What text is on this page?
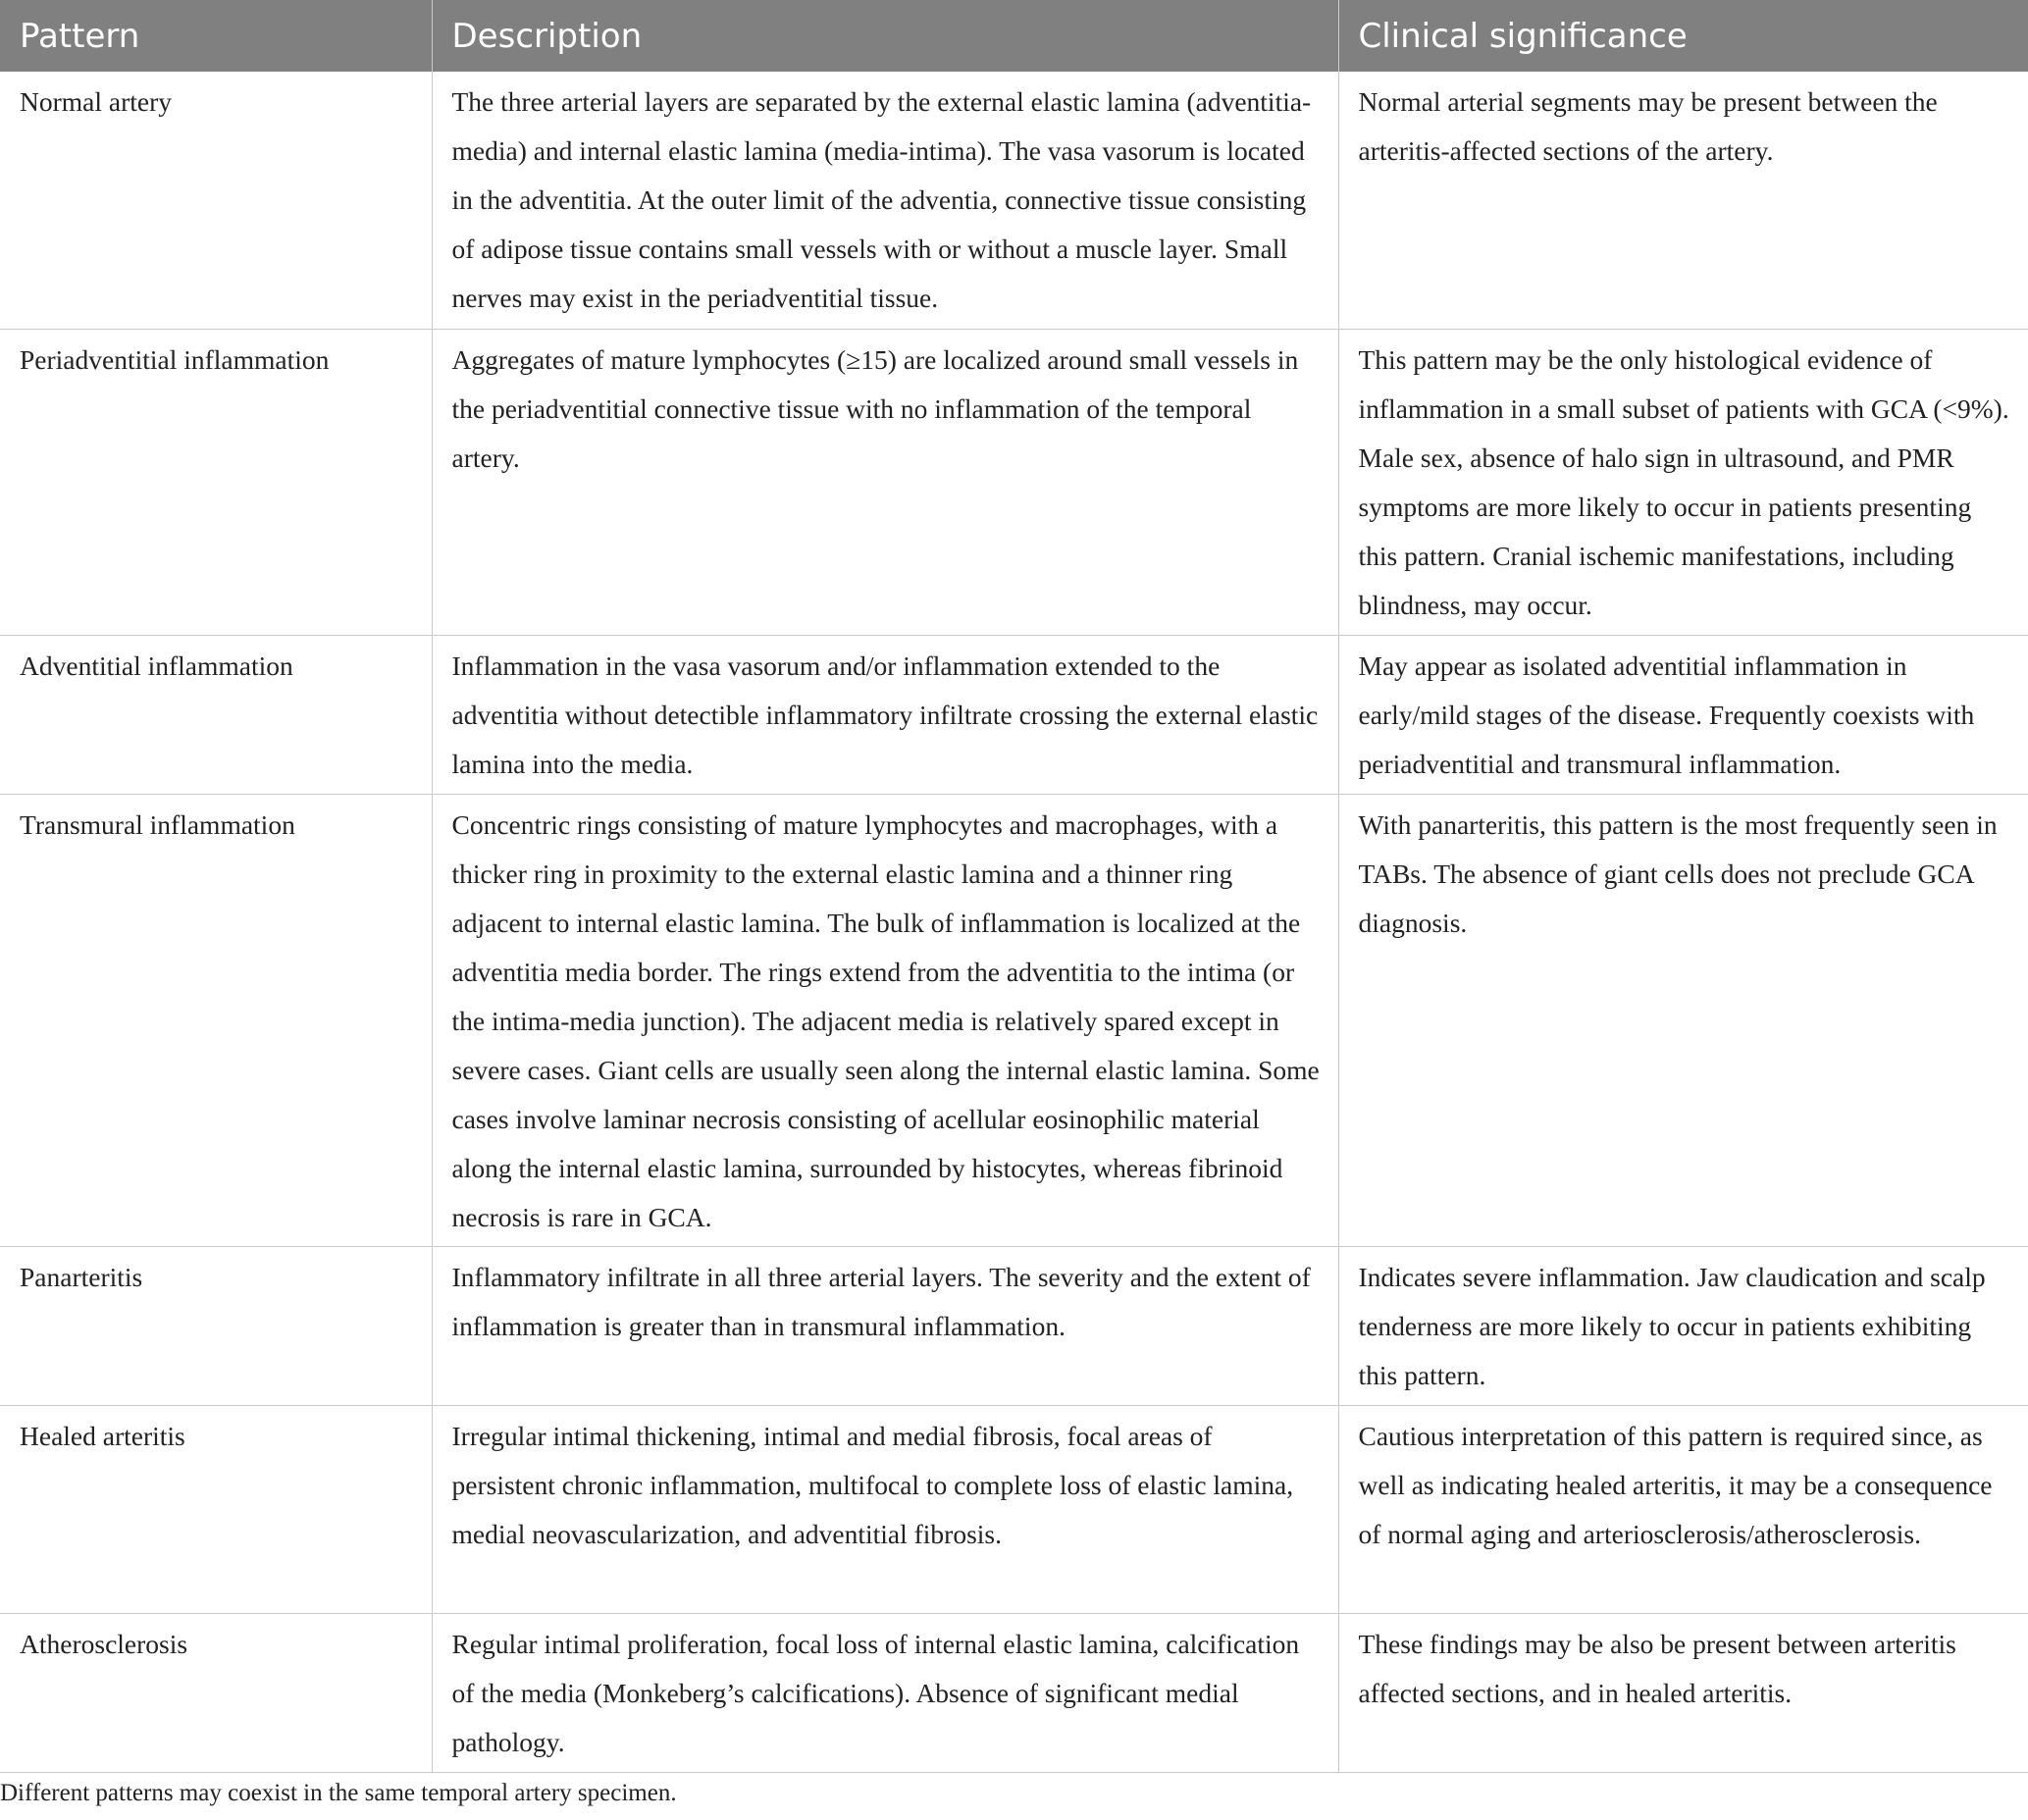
Pattern	Description	Clinical significance
Normal artery	The three arterial layers are separated by the external elastic lamina (adventitia-media) and internal elastic lamina (media-intima). The vasa vasorum is located in the adventitia. At the outer limit of the adventia, connective tissue consisting of adipose tissue contains small vessels with or without a muscle layer. Small nerves may exist in the periadventitial tissue.	Normal arterial segments may be present between the arteritis-affected sections of the artery.
Periadventitial inflammation	Aggregates of mature lymphocytes (≥15) are localized around small vessels in the periadventitial connective tissue with no inflammation of the temporal artery.	This pattern may be the only histological evidence of inflammation in a small subset of patients with GCA (<9%). Male sex, absence of halo sign in ultrasound, and PMR symptoms are more likely to occur in patients presenting this pattern. Cranial ischemic manifestations, including blindness, may occur.
Adventitial inflammation	Inflammation in the vasa vasorum and/or inflammation extended to the adventitia without detectible inflammatory infiltrate crossing the external elastic lamina into the media.	May appear as isolated adventitial inflammation in early/mild stages of the disease. Frequently coexists with periadventitial and transmural inflammation.
Transmural inflammation	Concentric rings consisting of mature lymphocytes and macrophages, with a thicker ring in proximity to the external elastic lamina and a thinner ring adjacent to internal elastic lamina. The bulk of inflammation is localized at the adventitia media border. The rings extend from the adventitia to the intima (or the intima-media junction). The adjacent media is relatively spared except in severe cases. Giant cells are usually seen along the internal elastic lamina. Some cases involve laminar necrosis consisting of acellular eosinophilic material along the internal elastic lamina, surrounded by histocytes, whereas fibrinoid necrosis is rare in GCA.	With panarteritis, this pattern is the most frequently seen in TABs. The absence of giant cells does not preclude GCA diagnosis.
Panarteritis	Inflammatory infiltrate in all three arterial layers. The severity and the extent of inflammation is greater than in transmural inflammation.	Indicates severe inflammation. Jaw claudication and scalp tenderness are more likely to occur in patients exhibiting this pattern.
Healed arteritis	Irregular intimal thickening, intimal and medial fibrosis, focal areas of persistent chronic inflammation, multifocal to complete loss of elastic lamina, medial neovascularization, and adventitial fibrosis.	Cautious interpretation of this pattern is required since, as well as indicating healed arteritis, it may be a consequence of normal aging and arteriosclerosis/atherosclerosis.
Atherosclerosis	Regular intimal proliferation, focal loss of internal elastic lamina, calcification of the media (Monkeberg’s calcifications). Absence of significant medial pathology.	These findings may be also be present between arteritis affected sections, and in healed arteritis.
Different patterns may coexist in the same temporal artery specimen.
